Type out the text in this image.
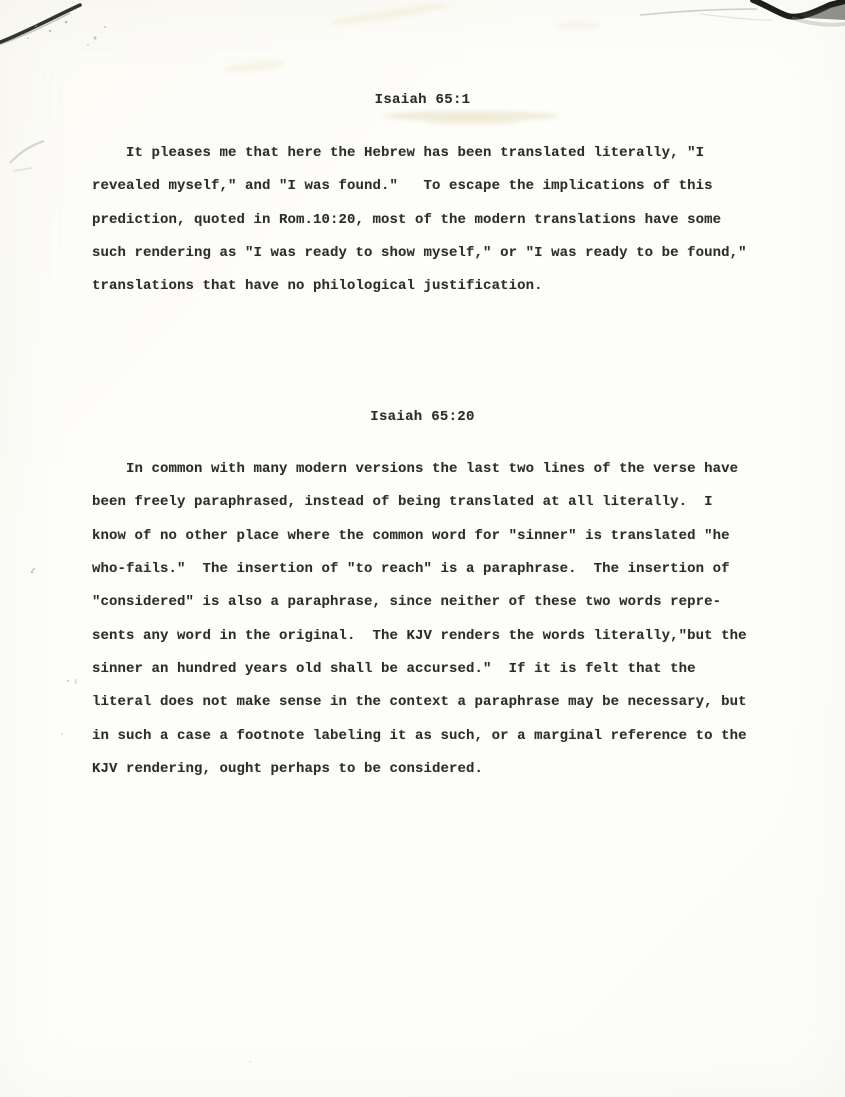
Isaiah 65:1
It pleases me that here the Hebrew has been translated literally, "I
revealed myself," and "I was found."   To escape the implications of this
prediction, quoted in Rom.10:20, most of the modern translations have some
such rendering as "I was ready to show myself," or "I was ready to be found,"
translations that have no philological justification.
Isaiah 65:20
In common with many modern versions the last two lines of the verse have
been freely paraphrased, instead of being translated at all literally.  I
know of no other place where the common word for "sinner" is translated "he
who-fails."  The insertion of "to reach" is a paraphrase.  The insertion of
"considered" is also a paraphrase, since neither of these two words repre-
sents any word in the original.  The KJV renders the words literally,"but the
sinner an hundred years old shall be accursed."  If it is felt that the
literal does not make sense in the context a paraphrase may be necessary, but
in such a case a footnote labeling it as such, or a marginal reference to the
KJV rendering, ought perhaps to be considered.
